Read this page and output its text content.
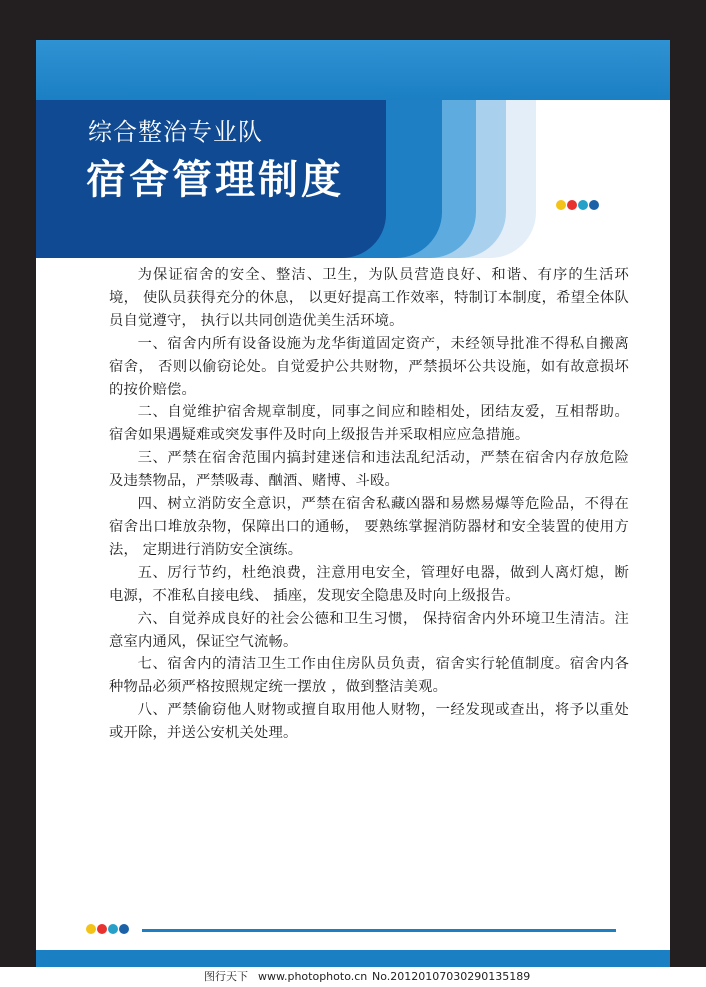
综合整治专业队
宿舍管理制度

为保证宿舍的安全、整洁、卫生，为队员营造良好、和谐、有序的生活环境， 使队员获得充分的休息， 以更好提高工作效率，特制订本制度，希望全体队员自觉遵守， 执行以共同创造优美生活环境。

一、宿舍内所有设备设施为龙华街道固定资产，未经领导批准不得私自搬离宿舍， 否则以偷窃论处。自觉爱护公共财物，严禁损坏公共设施，如有故意损坏的按价赔偿。

二、自觉维护宿舍规章制度，同事之间应和睦相处，团结友爱，互相帮助。 宿舍如果遇疑难或突发事件及时向上级报告并采取相应应急措施。

三、严禁在宿舍范围内搞封建迷信和违法乱纪活动，严禁在宿舍内存放危险及违禁物品，严禁吸毒、酗酒、赌博、斗殴。

四、树立消防安全意识，严禁在宿舍私藏凶器和易燃易爆等危险品，不得在宿舍出口堆放杂物，保障出口的通畅， 要熟练掌握消防器材和安全装置的使用方法， 定期进行消防安全演练。

五、厉行节约，杜绝浪费，注意用电安全，管理好电器，做到人离灯熄，断电源，不准私自接电线、 插座，发现安全隐患及时向上级报告。

六、自觉养成良好的社会公德和卫生习惯， 保持宿舍内外环境卫生清洁。注意室内通风，保证空气流畅。

七、宿舍内的清洁卫生工作由住房队员负责，宿舍实行轮值制度。宿舍内各种物品必须严格按照规定统一摆放 ，做到整洁美观。

八、严禁偷窃他人财物或擅自取用他人财物，一经发现或查出，将予以重处或开除，并送公安机关处理。

图行天下 www.photophoto.cn No.20120107030290135189
